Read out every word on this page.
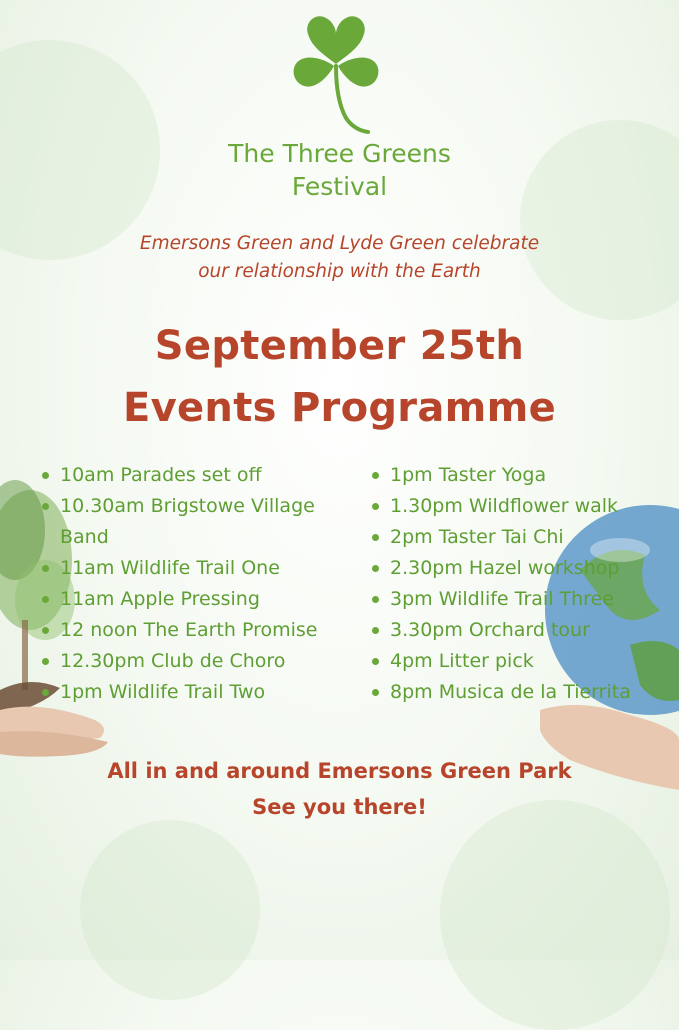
The Three Greens
Festival
Emersons Green and Lyde Green celebrate
our relationship with the Earth
September 25th
Events Programme
10am Parades set off
10.30am Brigstowe Village Band
11am Wildlife Trail One
11am Apple Pressing
12 noon The Earth Promise
12.30pm Club de Choro
1pm Wildlife Trail Two
1pm Taster Yoga
1.30pm Wildflower walk
2pm Taster Tai Chi
2.30pm Hazel workshop
3pm Wildlife Trail Three
3.30pm Orchard tour
4pm Litter pick
8pm Musica de la Tierrita
All in and around Emersons Green Park
See you there!
